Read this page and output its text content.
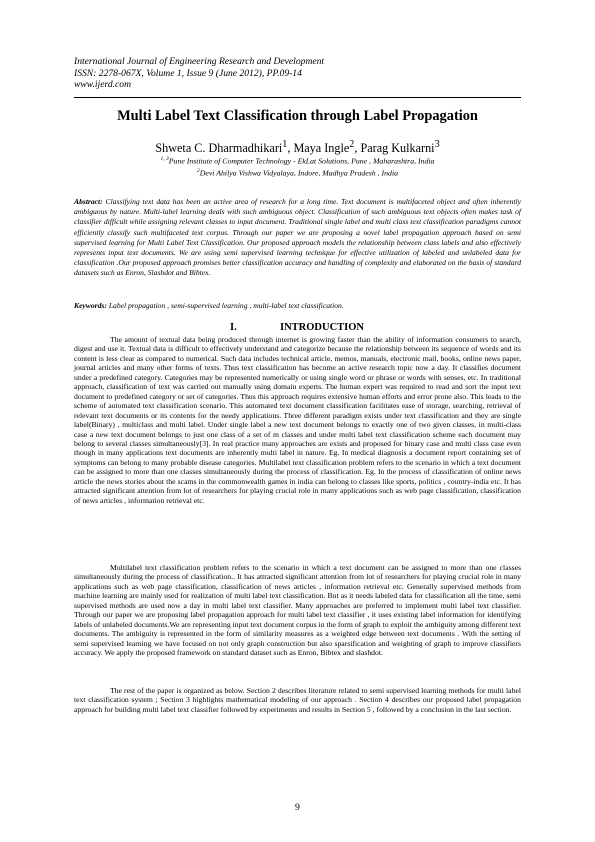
International Journal of Engineering Research and Development
ISSN: 2278-067X, Volume 1, Issue 9 (June 2012), PP.09-14
www.ijerd.com
Multi Label Text Classification through Label Propagation
Shweta C. Dharmadhikari$^1$, Maya Ingle$^2$, Parag Kulkarni$^3$
$^{1, 3}$Pune Institute of Computer Technology - EkLat Solutions, Pune , Maharashtra, India
$^2$Devi Ahilya Vishwa Vidyalaya, Indore, Madhya Pradesh , India
Abstract: Classifying text data has been an active area of research for a long time. Text document is multifaceted object and often inherently ambiguous by nature. Multi-label learning deals with such ambiguous object. Classification of such ambiguous text objects often makes task of classifier difficult while assigning relevant classes to input document. Traditional single label and multi class text classification paradigms cannot efficiently classify such multifaceted text corpus. Through our paper we are proposing a novel label propagation approach based on semi supervised learning for Multi Label Text Classification. Our proposed approach models the relationship between class labels and also effectively represents input text documents. We are using semi supervised learning technique for effective utilization of labeled and unlabeled data for classification .Our proposed approach promises better classification accuracy and handling of complexity and elaborated on the basis of standard datasets such as Enron, Slashdot and Bibtex.
Keywords: Label propagation , semi-supervised learning , multi-label text classification.
I.	INTRODUCTION
The amount of textual data being produced through internet is growing faster than the ability of information consumers to search, digest and use it. Textual data is difficult to effectively understand and categorize because the relationship between its sequence of words and its content is less clear as compared to numerical. Such data includes technical article, memos, manuals, electronic mail, books, online news paper, journal articles and many other forms of texts. Thus text classification has become an active research topic now a day. It classifies document under a predefined category. Categories may be represented numerically or using single word or phrase or words with senses, etc. In traditional approach, classification of text was carried out manually using domain experts. The human expert was required to read and sort the input text document to predefined category or set of categories. Thus this approach requires extensive human efforts and error prone also. This leads to the scheme of automated text classification scenario. This automated text document classification facilitates ease of storage, searching, retrieval of relevant text documents or its contents for the needy applications. Three different paradigm exists under text classification and they are single label(Binary) , multiclass and multi label. Under single label a new text document belongs to exactly one of two given classes, in multi-class case a new text document belongs to just one class of a set of m classes and under multi label text classification scheme each document may belong to several classes simultaneously[3]. In real practice many approaches are exists and proposed for binary case and multi class case even though in many applications text documents are inherently multi label in nature. Eg. In medical diagnosis a document report containing set of symptoms can belong to many probable disease categories. Multilabel text classification problem refers to the scenario in which a text document can be assigned to more than one classes simultaneously during the process of classification. Eg. In the process of classification of online news article the news stories about the scams in the commonwealth games in india can belong to classes like sports, politics , country-india etc. It has attracted significant attention from lot of researchers for playing crucial role in many applications such as web page classification, classification of news articles , information retrieval etc.
Multilabel text classification problem refers to the scenario in which a text document can be assigned to more than one classes simultaneously during the process of classification.. It has attracted significant attention from lot of researchers for playing crucial role in many applications such as web page classification, classification of news articles , information retrieval etc. Generally supervised methods from machine learning are mainly used for realization of multi label text classification. But as it needs labeled data for classification all the time, semi supervised methods are used now a day in multi label text classifier. Many approaches are preferred to implement multi label text classifier. Through our paper we are proposing label propagation approach for multi label text classifier , it uses existing label information for identifying labels of unlabeled documents.We are representing input text document corpus in the form of graph to exploit the ambiguity among different text documents. The ambiguity is represented in the form of similarity measures as a weighted edge between text documents . With the setting of semi supervised learning we have focused on not only graph construction but also sparsification and weighting of graph to improve classifiers accuracy. We apply the proposed framework on standard dataset such as Enron, Bibtex and slashdot.
The rest of the paper is organized as below. Section 2 describes literature related to semi supervised learning methods for multi label text classification system ; Section 3 highlights mathematical modeling of our approach . Section 4 describes our proposed label propagation approach for building multi label text classifier followed by experiments and results in Section 5 , followed by a conclusion in the last section.
9
